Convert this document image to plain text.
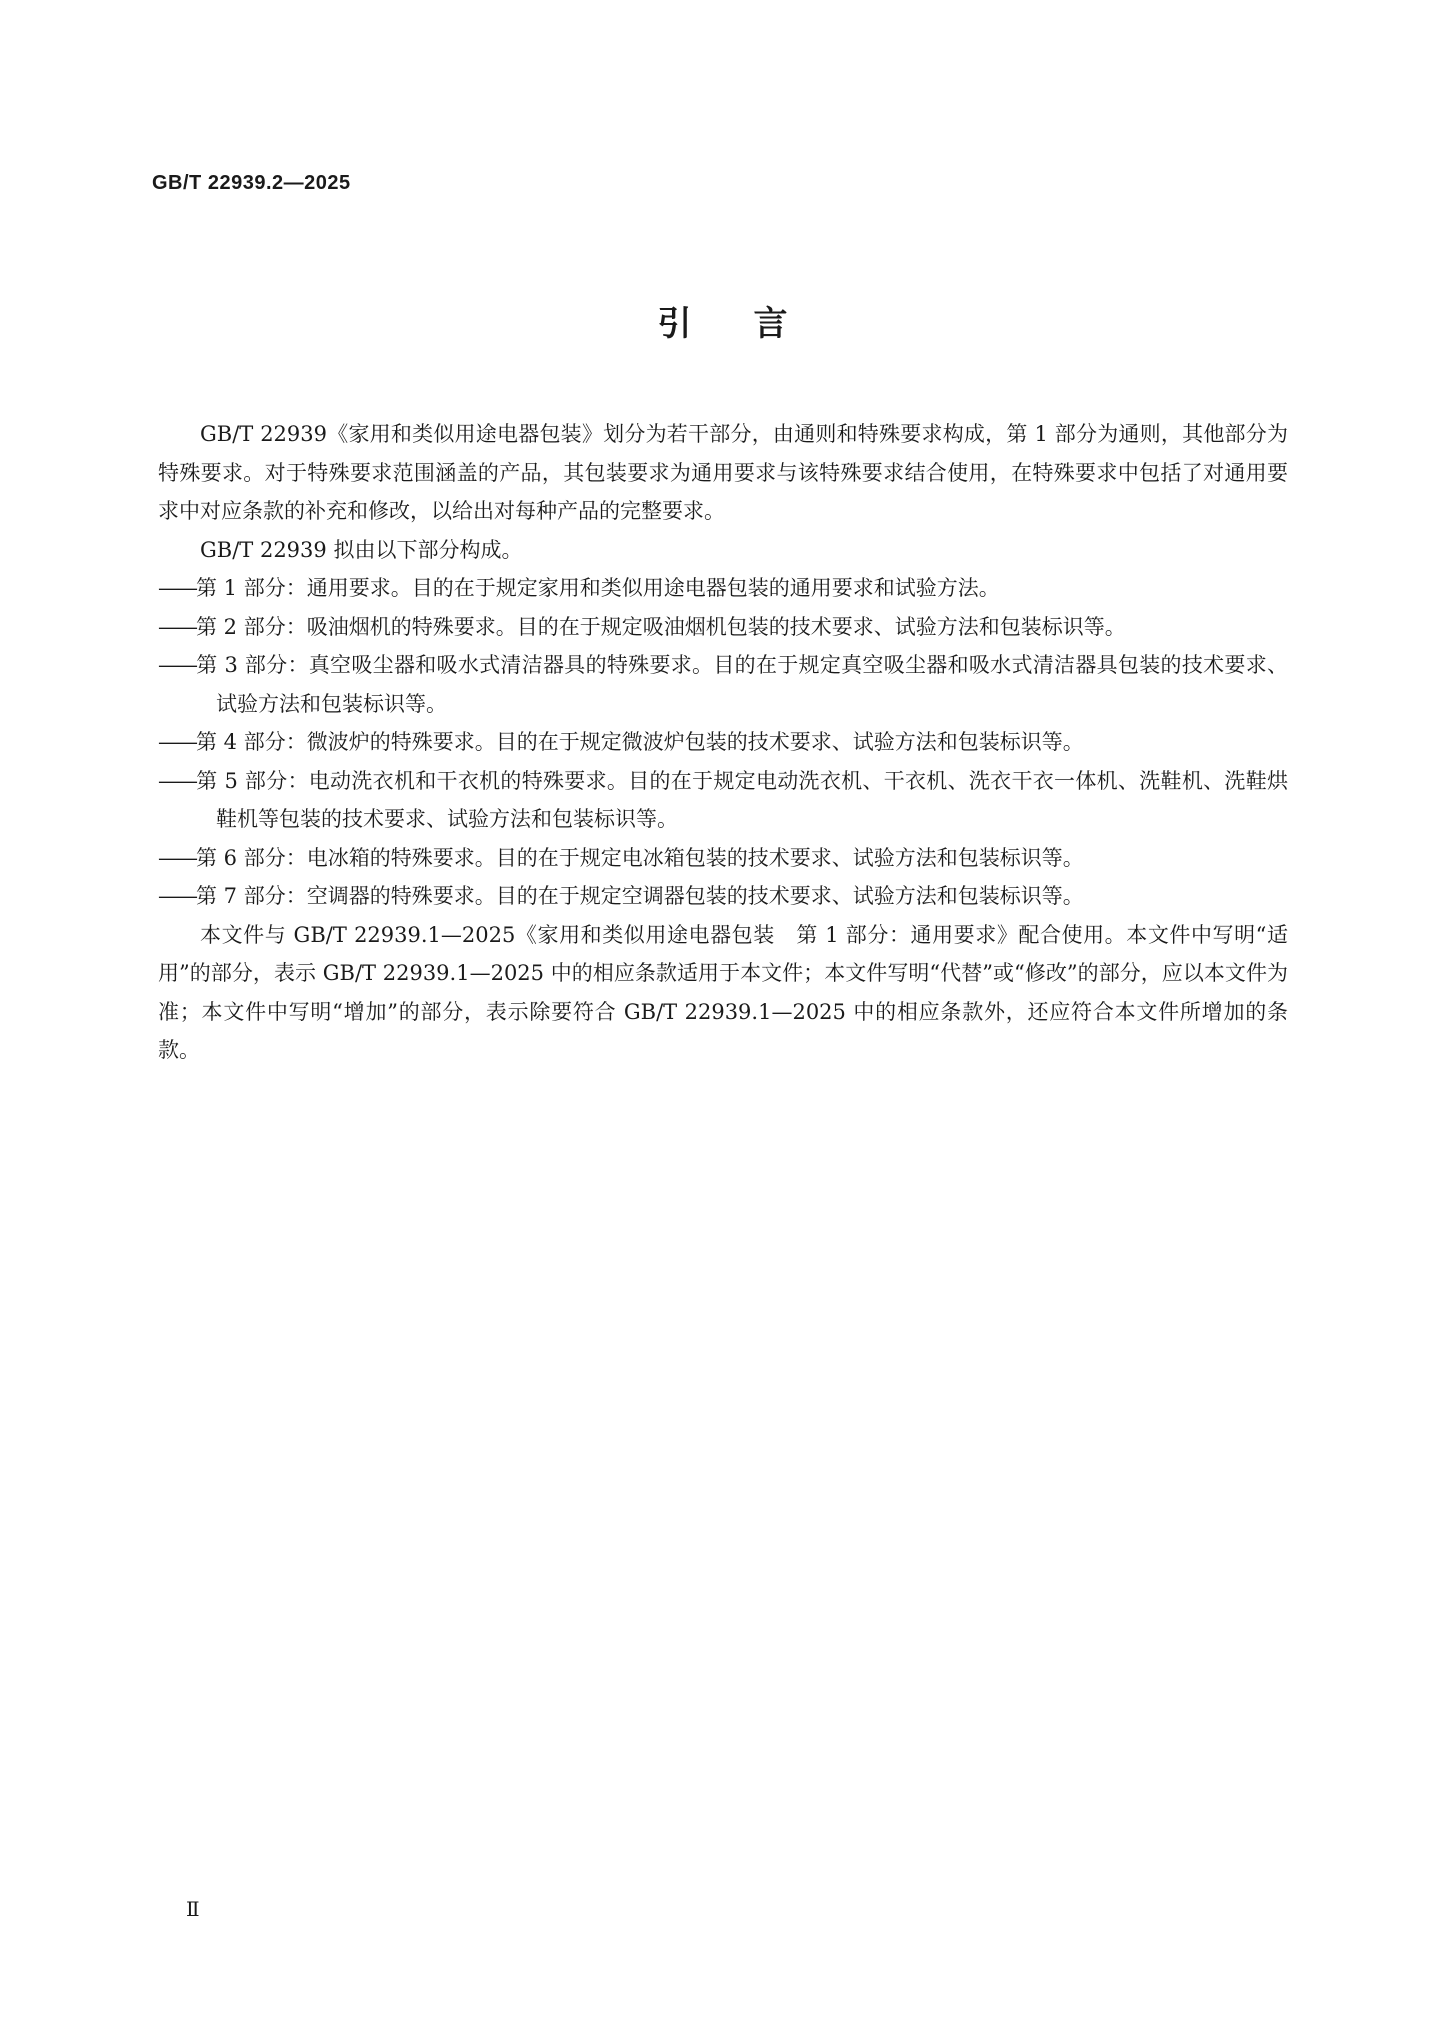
GB/T 22939.2—2025
引言

GB/T 22939《家用和类似用途电器包装》划分为若干部分，由通则和特殊要求构成，第 1 部分为通则，其他部分为特殊要求。对于特殊要求范围涵盖的产品，其包装要求为通用要求与该特殊要求结合使用，在特殊要求中包括了对通用要求中对应条款的补充和修改，以给出对每种产品的完整要求。

GB/T 22939 拟由以下部分构成。

——第 1 部分：通用要求。目的在于规定家用和类似用途电器包装的通用要求和试验方法。

——第 2 部分：吸油烟机的特殊要求。目的在于规定吸油烟机包装的技术要求、试验方法和包装标识等。

——第 3 部分：真空吸尘器和吸水式清洁器具的特殊要求。目的在于规定真空吸尘器和吸水式清洁器具包装的技术要求、试验方法和包装标识等。

——第 4 部分：微波炉的特殊要求。目的在于规定微波炉包装的技术要求、试验方法和包装标识等。

——第 5 部分：电动洗衣机和干衣机的特殊要求。目的在于规定电动洗衣机、干衣机、洗衣干衣一体机、洗鞋机、洗鞋烘鞋机等包装的技术要求、试验方法和包装标识等。

——第 6 部分：电冰箱的特殊要求。目的在于规定电冰箱包装的技术要求、试验方法和包装标识等。

——第 7 部分：空调器的特殊要求。目的在于规定空调器包装的技术要求、试验方法和包装标识等。

本文件与 GB/T 22939.1—2025《家用和类似用途电器包装　第 1 部分：通用要求》配合使用。本文件中写明“适用”的部分，表示 GB/T 22939.1—2025 中的相应条款适用于本文件；本文件写明“代替”或“修改”的部分，应以本文件为准；本文件中写明“增加”的部分，表示除要符合 GB/T 22939.1—2025 中的相应条款外，还应符合本文件所增加的条款。

Ⅱ
